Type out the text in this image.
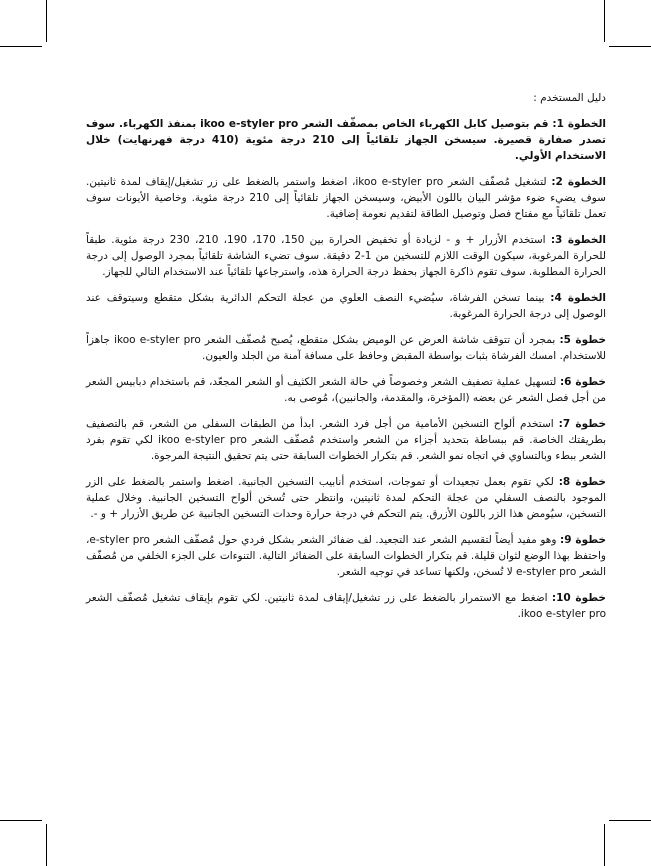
دليل المستخدم :

الخطوة 1: قم بتوصيل كابل الكهرباء الخاص بمصفّف الشعر ikoo e-styler pro بمنفذ الكهرباء. سوف تصدر صفارة قصيرة. سيسخن الجهاز تلقائياً إلى 210 درجة مئوية (410 درجة فهرنهايت) خلال الاستخدام الأولي.

الخطوة 2: لتشغيل مُصفّف الشعر ikoo e-styler pro، اضغط واستمر بالضغط على زر تشغيل/إيقاف لمدة ثانيتين. سوف يضيء ضوء مؤشر البيان باللون الأبيض، وسيسخن الجهاز تلقائياً إلى 210 درجة مئوية. وخاصية الأيونات سوف تعمل تلقائياً مع مفتاح فصل وتوصيل الطاقة لتقديم نعومة إضافية.

الخطوة 3: استخدم الأزرار + و - لزيادة أو تخفيض الحرارة بين 150، 170، 190، 210، 230 درجة مئوية. طبقاً للحرارة المرغوبة، سيكون الوقت اللازم للتسخين من 1-2 دقيقة. سوف تضيء الشاشة تلقائياً بمجرد الوصول إلى درجة الحرارة المطلوبة. سوف تقوم ذاكرة الجهاز بحفظ درجة الحرارة هذه، واسترجاعها تلقائياً عند الاستخدام التالي للجهاز.

الخطوة 4: بينما تسخن الفرشاة، سيُضيء النصف العلوي من عجلة التحكم الدائرية بشكل متقطع وسيتوقف عند الوصول إلى درجة الحرارة المرغوبة.

خطوة 5: بمجرد أن تتوقف شاشة العرض عن الوميض بشكل متقطع، يُصبح مُصفّف الشعر ikoo e-styler pro جاهزاً للاستخدام. امسك الفرشاة بثبات بواسطة المقبض وحافظ على مسافة آمنة من الجلد والعيون.

خطوة 6: لتسهيل عملية تصفيف الشعر وخصوصاً في حالة الشعر الكثيف أو الشعر المجعّد، قم باستخدام دبابيس الشعر من أجل فصل الشعر عن بعضه (المؤخرة، والمقدمة، والجانبين)، مُوصى به.

خطوة 7: استخدم ألواح التسخين الأمامية من أجل فرد الشعر. ابدأ من الطبقات السفلى من الشعر، قم بالتصفيف بطريقتك الخاصة. قم ببساطة بتحديد أجزاء من الشعر واستخدم مُصفّف الشعر ikoo e-styler pro لكي تقوم بفرد الشعر ببطء وبالتساوي في اتجاه نمو الشعر. قم بتكرار الخطوات السابقة حتى يتم تحقيق النتيجة المرجوة.

خطوة 8: لكي تقوم بعمل تجعيدات أو تموجات، استخدم أنابيب التسخين الجانبية. اضغط واستمر بالضغط على الزر الموجود بالنصف السفلي من عجلة التحكم لمدة ثانيتين، وانتظر حتى تُسخن ألواح التسخين الجانبية. وخلال عملية التسخين، سيُومض هذا الزر باللون الأزرق. يتم التحكم في درجة حرارة وحدات التسخين الجانبية عن طريق الأزرار + و -.

خطوة 9: وهو مفيد أيضاً لتقسيم الشعر عند التجعيد. لف ضفائر الشعر بشكل فردي حول مُصفّف الشعر e-styler pro، واحتفظ بهذا الوضع لثوان قليلة. قم بتكرار الخطوات السابقة على الضفائر التالية. التنوءات على الجزء الخلفي من مُصفّف الشعر e-styler pro لا تُسخن، ولكنها تساعد في توجيه الشعر.

خطوة 10: اضغط مع الاستمرار بالضغط على زر تشغيل/إيقاف لمدة ثانيتين. لكي تقوم بإيقاف تشغيل مُصفّف الشعر ikoo e-styler pro.
